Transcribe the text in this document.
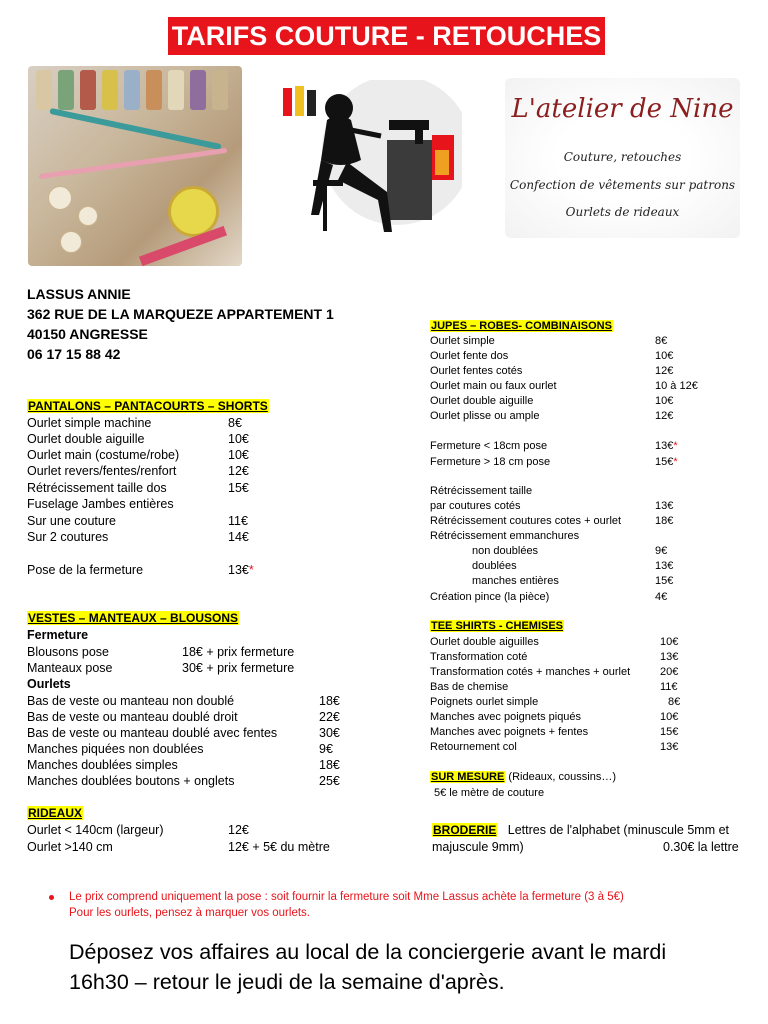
TARIFS COUTURE - RETOUCHES
L'atelier de Nine
Couture, retouches
Confection de vêtements sur patrons
Ourlets de rideaux
LASSUS ANNIE
362 RUE DE LA MARQUEZE APPARTEMENT 1
40150 ANGRESSE
06 17 15 88 42
PANTALONS – PANTACOURTS – SHORTS
Ourlet simple machine	8€
Ourlet double aiguille	10€
Ourlet main (costume/robe)	10€
Ourlet revers/fentes/renfort	12€
Rétrécissement taille dos	15€
Fuselage Jambes entières
Sur une couture	11€
Sur 2 coutures	14€
Pose de la fermeture	13€*
VESTES – MANTEAUX – BLOUSONS
Fermeture
Blousons pose	18€ + prix fermeture
Manteaux pose	30€ + prix fermeture
Ourlets
Bas de veste ou manteau non doublé	18€
Bas de veste ou manteau doublé droit	22€
Bas de veste ou manteau doublé avec fentes	30€
Manches piquées non doublées	9€
Manches doublées simples	18€
Manches doublées boutons + onglets	25€
RIDEAUX
Ourlet < 140cm (largeur)	12€
Ourlet >140 cm	12€ + 5€ du mètre
JUPES – ROBES- COMBINAISONS
Ourlet simple	8€
Ourlet fente dos	10€
Ourlet fentes cotés	12€
Ourlet main ou faux ourlet	10 à 12€
Ourlet double aiguille	10€
Ourlet plisse ou ample	12€
Fermeture < 18cm pose	13€*
Fermeture > 18 cm pose	15€*
Rétrécissement taille
par coutures cotés	13€
Rétrécissement coutures cotes + ourlet	18€
Rétrécissement emmanchures
non doublées	9€
doublées	13€
manches entières	15€
Création pince (la pièce)	4€
TEE SHIRTS - CHEMISES
Ourlet double aiguilles	10€
Transformation coté	13€
Transformation cotés + manches + ourlet	20€
Bas de chemise	11€
Poignets ourlet simple	8€
Manches avec poignets piqués	10€
Manches avec poignets + fentes	15€
Retournement col	13€
SUR MESURE (Rideaux, coussins…)
5€ le mètre de couture
BRODERIE Lettres de l'alphabet (minuscule 5mm et
majuscule 9mm)	0.30€ la lettre
Le prix comprend uniquement la pose : soit fournir la fermeture soit Mme Lassus achète la fermeture (3 à 5€)
Pour les ourlets, pensez à marquer vos ourlets.
Déposez vos affaires au local de la conciergerie avant le mardi
16h30 – retour le jeudi de la semaine d'après.
